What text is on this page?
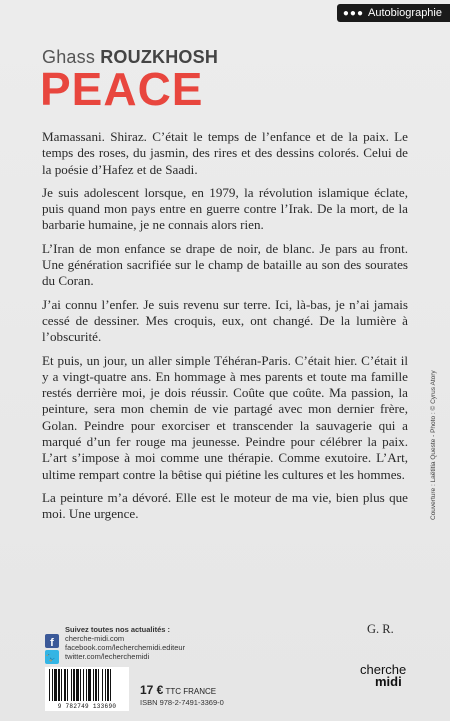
●●● Autobiographie
Ghass ROUZKHOSH
PEACE

Mamassani. Shiraz. C’était le temps de l’enfance et de la paix. Le temps des roses, du jasmin, des rires et des dessins colorés. Celui de la poésie d’Hafez et de Saadi.

Je suis adolescent lorsque, en 1979, la révolution islamique éclate, puis quand mon pays entre en guerre contre l’Irak. De la mort, de la barbarie humaine, je ne connais alors rien.

L’Iran de mon enfance se drape de noir, de blanc. Je pars au front. Une génération sacrifiée sur le champ de bataille au son des sourates du Coran.

J’ai connu l’enfer. Je suis revenu sur terre. Ici, là-bas, je n’ai jamais cessé de dessiner. Mes croquis, eux, ont changé. De la lumière à l’obscurité.

Et puis, un jour, un aller simple Téhéran-Paris. C’était hier. C’était il y a vingt-quatre ans. En hommage à mes parents et toute ma famille restés derrière moi, je dois réussir. Coûte que coûte. Ma passion, la peinture, sera mon chemin de vie partagé avec mon dernier frère, Golan. Peindre pour exorciser et transcender la sauvagerie qui a marqué d’un fer rouge ma jeunesse. Peindre pour célébrer la paix. L’art s’impose à moi comme une thérapie. Comme exutoire. L’Art, ultime rempart contre la bêtise qui piétine les cultures et les hommes.

La peinture m’a dévoré. Elle est le moteur de ma vie, bien plus que moi. Une urgence.

G. R.
Couverture : Laëtitia Queste - Photo : © Cyrus Atory
Suivez toutes nos actualités :
f
🐦
cherche-midi.com
facebook.com/lecherchemidi.editeur
twitter.com/lecherchemidi
9 782749 133690
17 € TTC FRANCE
ISBN 978-2-7491-3369-0
cherche
midi
